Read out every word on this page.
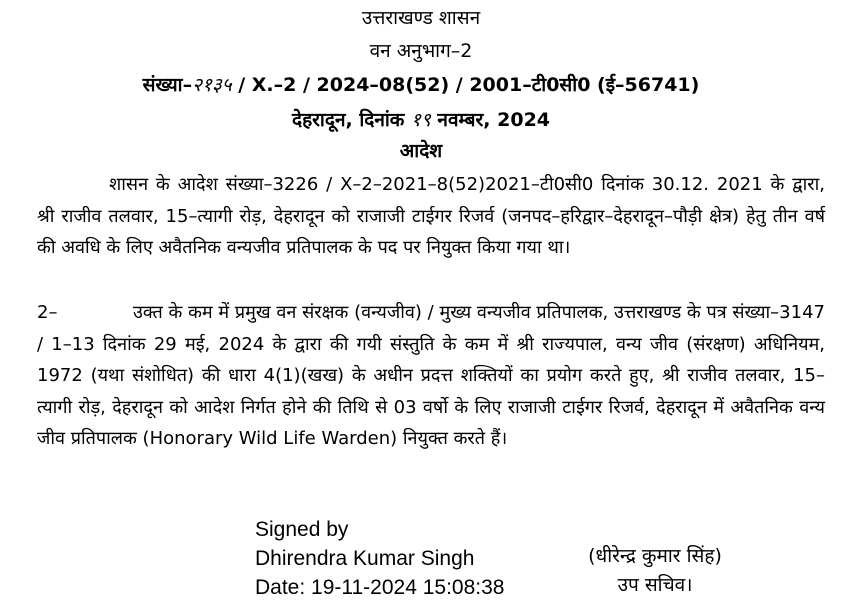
उत्तराखण्ड शासन
वन अनुभाग–2
संख्या–२१३५ / X.–2 / 2024–08(52) / 2001–टी0सी0 (ई–56741)
देहरादून, दिनांक १९ नवम्बर, 2024
आदेश
शासन के आदेश संख्या–3226 / X–2–2021–8(52)2021–टी0सी0 दिनांक 30.12. 2021 के द्वारा, श्री राजीव तलवार, 15–त्यागी रोड़, देहरादून को राजाजी टाईगर रिजर्व (जनपद–हरिद्वार–देहरादून–पौड़ी क्षेत्र) हेतु तीन वर्ष की अवधि के लिए अवैतनिक वन्यजीव प्रतिपालक के पद पर नियुक्त किया गया था।
2–	उक्त के कम में प्रमुख वन संरक्षक (वन्यजीव) / मुख्य वन्यजीव प्रतिपालक, उत्तराखण्ड के पत्र संख्या–3147 / 1–13 दिनांक 29 मई, 2024 के द्वारा की गयी संस्तुति के कम में श्री राज्यपाल, वन्य जीव (संरक्षण) अधिनियम, 1972 (यथा संशोधित) की धारा 4(1)(खख) के अधीन प्रदत्त शक्तियों का प्रयोग करते हुए, श्री राजीव तलवार, 15–त्यागी रोड़, देहरादून को आदेश निर्गत होने की तिथि से 03 वर्षो के लिए राजाजी टाईगर रिजर्व, देहरादून में अवैतनिक वन्य जीव प्रतिपालक (Honorary Wild Life Warden) नियुक्त करते हैं।
Signed by
Dhirendra Kumar Singh
Date: 19-11-2024 15:08:38
(धीरेन्द्र कुमार सिंह)
उप सचिव।
